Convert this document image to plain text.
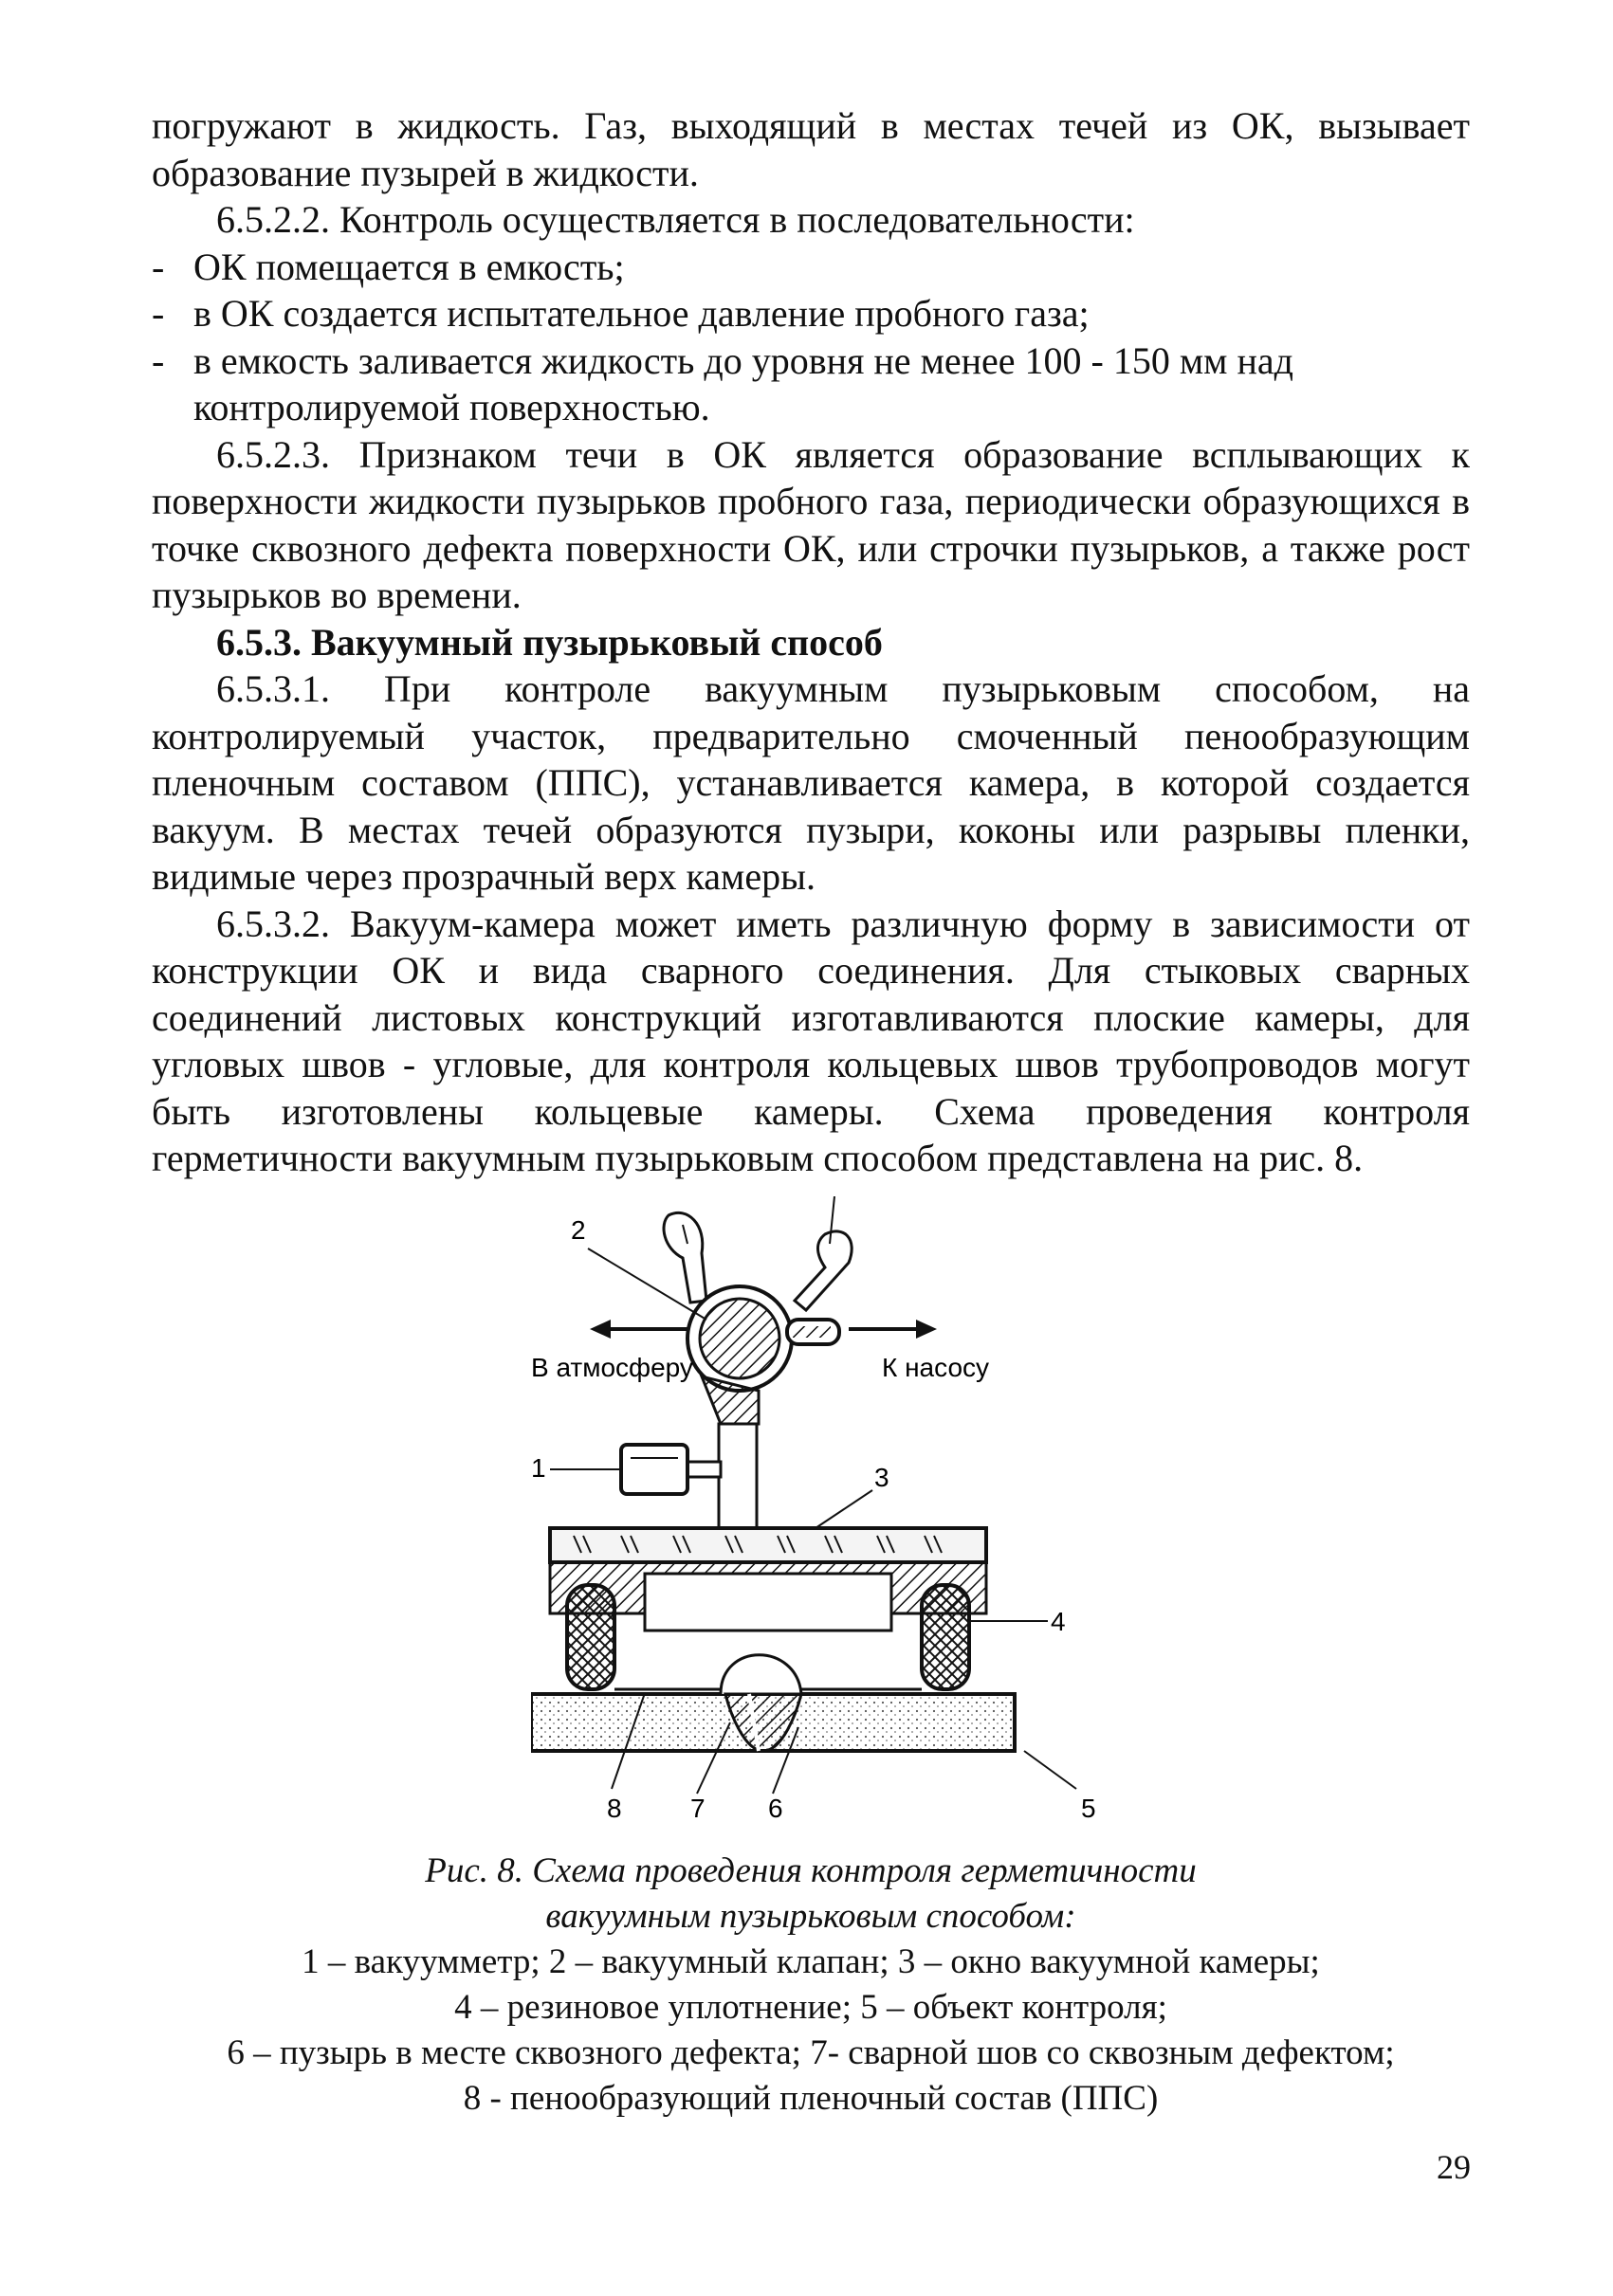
погружают в жидкость. Газ, выходящий в местах течей из ОК, вызывает образование пузырей в жидкости.

6.5.2.2. Контроль осуществляется в последовательности:

- ОК помещается в емкость;

- в ОК создается испытательное давление пробного газа;

- в емкость заливается жидкость до уровня не менее 100 - 150 мм над контролируемой поверхностью.

6.5.2.3. Признаком течи в ОК является образование всплывающих к поверхности жидкости пузырьков пробного газа, периодически образующихся в точке сквозного дефекта поверхности ОК, или строчки пузырьков, а также рост пузырьков во времени.

6.5.3. Вакуумный пузырьковый способ

6.5.3.1. При контроле вакуумным пузырьковым способом, на контролируемый участок, предварительно смоченный пенообразующим пленочным составом (ППС), устанавливается камера, в которой создается вакуум. В местах течей образуются пузыри, коконы или разрывы пленки, видимые через прозрачный верх камеры.

6.5.3.2. Вакуум-камера может иметь различную форму в зависимости от конструкции ОК и вида сварного соединения. Для стыковых сварных соединений листовых конструкций изготавливаются плоские камеры, для угловых швов - угловые, для контроля кольцевых швов трубопроводов могут быть изготовлены кольцевые камеры. Схема проведения контроля герметичности вакуумным пузырьковым способом представлена на рис. 8.

В атмосферу	К насосу
2
1	3
4
5
6
7
8
Рис. 8. Схема проведения контроля герметичности
вакуумным пузырьковым способом:
1 – вакуумметр; 2 – вакуумный клапан; 3 – окно вакуумной камеры;
4 – резиновое уплотнение; 5 – объект контроля;
6 – пузырь в месте сквозного дефекта; 7- сварной шов со сквозным дефектом;
8 - пенообразующий пленочный состав (ППС)
29
